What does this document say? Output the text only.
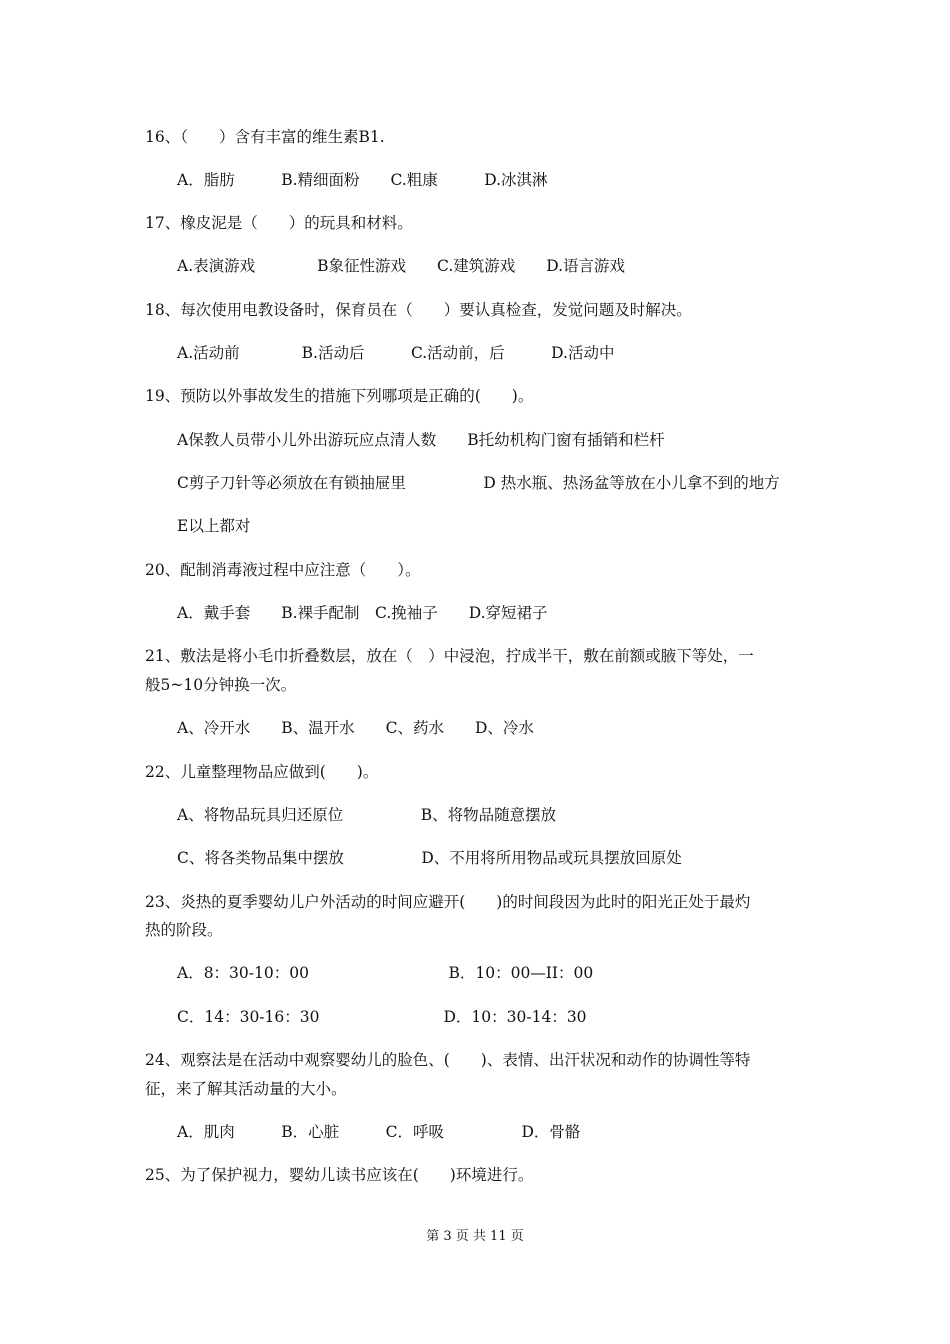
16、（　　）含有丰富的维生素B1.
A．脂肪　　　B.精细面粉　　C.粗康　　　D.冰淇淋
17、橡皮泥是（　　）的玩具和材料。
A.表演游戏　　　　B象征性游戏　　C.建筑游戏　　D.语言游戏
18、每次使用电教设备时，保育员在（　　）要认真检查，发觉问题及时解决。
A.活动前　　　　B.活动后　　　C.活动前，后　　　D.活动中
19、预防以外事故发生的措施下列哪项是正确的(　　)。
A保教人员带小儿外出游玩应点清人数　　B托幼机构门窗有插销和栏杆
C剪子刀针等必须放在有锁抽屉里　　　　　D 热水瓶、热汤盆等放在小儿拿不到的地方
E以上都对
20、配制消毒液过程中应注意（　　）。
A．戴手套　　B.裸手配制　C.挽袖子　　D.穿短裙子
21、敷法是将小毛巾折叠数层，放在（　）中浸泡，拧成半干，敷在前额或腋下等处，一
般5~10分钟换一次。
A、冷开水　　B、温开水　　C、药水　　D、冷水
22、儿童整理物品应做到(　　)。
A、将物品玩具归还原位　　　　　B、将物品随意摆放
C、将各类物品集中摆放　　　　　D、不用将所用物品或玩具摆放回原处
23、炎热的夏季婴幼儿户外活动的时间应避开(　　)的时间段因为此时的阳光正处于最灼
热的阶段。
A．8：30-10：00　　　　　　　　　B．10：00—II：00
C．14：30-16：30　　　　　　　　D．10：30-14：30
24、观察法是在活动中观察婴幼儿的脸色、(　　)、表情、出汗状况和动作的协调性等特
征，来了解其活动量的大小。
A．肌肉　　　B．心脏　　　C．呼吸　　　　　D．骨骼
25、为了保护视力，婴幼儿读书应该在(　　)环境进行。
第 3 页 共 11 页
